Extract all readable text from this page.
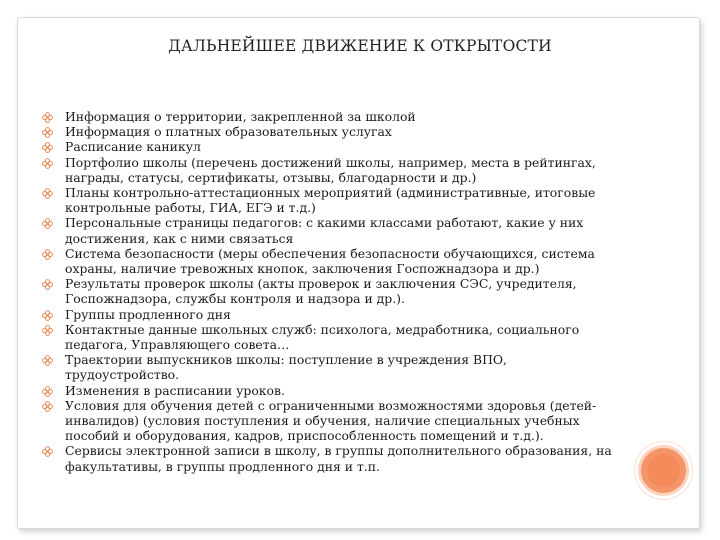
ДАЛЬНЕЙШЕЕ ДВИЖЕНИЕ К ОТКРЫТОСТИ
Информация о территории, закрепленной за школой
Информация о платных образовательных услугах
Расписание каникул
Портфолио школы (перечень достижений школы, например, места в рейтингах, награды, статусы, сертификаты, отзывы, благодарности и др.)
Планы контрольно-аттестационных мероприятий (административные, итоговые контрольные работы, ГИА, ЕГЭ и т.д.)
Персональные страницы педагогов: с какими классами работают, какие у них достижения, как с ними связаться
Система безопасности (меры обеспечения безопасности обучающихся, система охраны, наличие тревожных кнопок, заключения Госпожнадзора и др.)
Результаты проверок школы (акты проверок и заключения СЭС, учредителя, Госпожнадзора, службы контроля и надзора и др.).
Группы продленного дня
Контактные данные школьных служб: психолога, медработника, социального педагога, Управляющего совета…
Траектории выпускников школы: поступление в учреждения ВПО, трудоустройство.
Изменения в расписании уроков.
Условия для обучения детей с ограниченными возможностями здоровья (детей-инвалидов) (условия поступления и обучения, наличие специальных учебных пособий и оборудования, кадров, приспособленность помещений и т.д.).
Сервисы электронной записи в школу, в группы дополнительного образования, на факультативы, в группы продленного дня и т.п.
